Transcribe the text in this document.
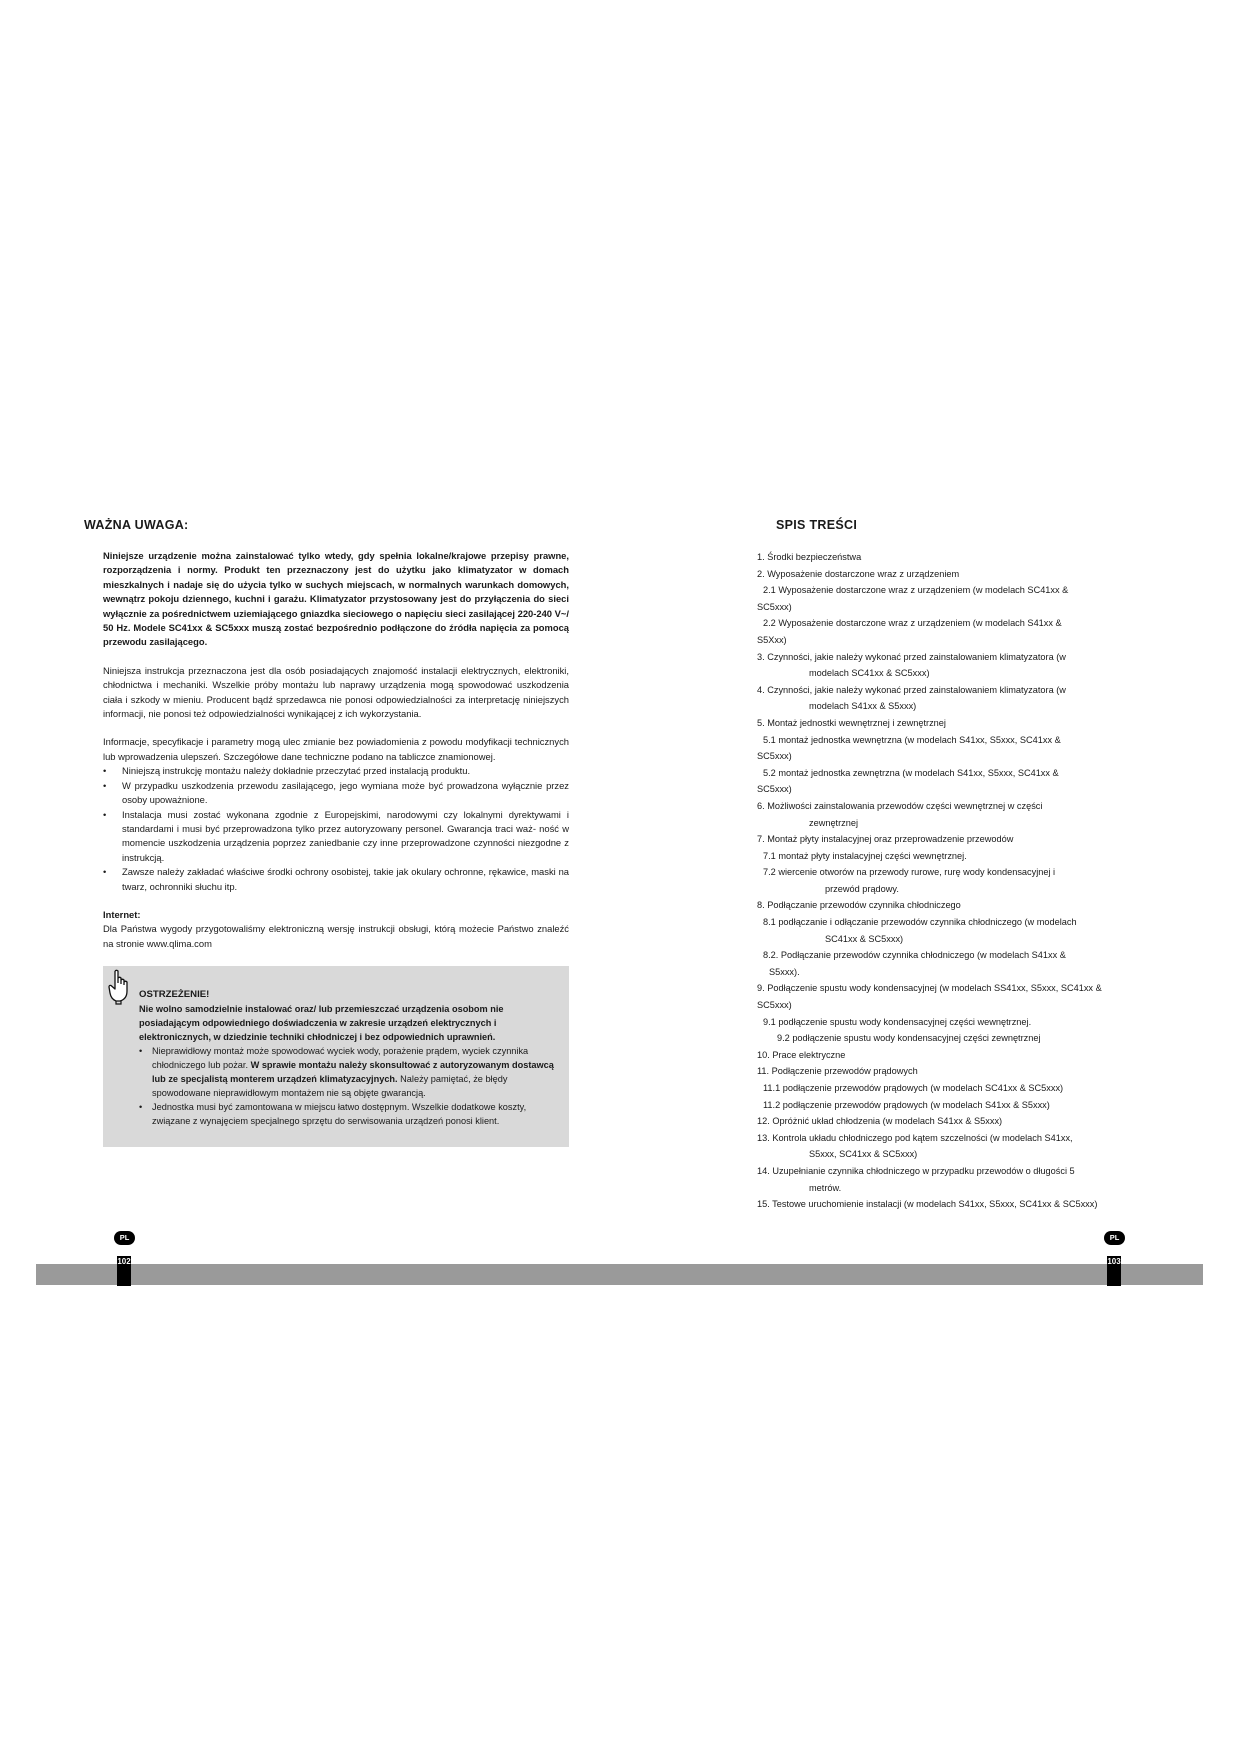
WAŻNA UWAGA:

Niniejsze urządzenie można zainstalować tylko wtedy, gdy spełnia lokalne/krajowe przepisy prawne, rozporządzenia i normy. Produkt ten przeznaczony jest do użytku jako klimatyzator w domach mieszkalnych i nadaje się do użycia tylko w suchych miejscach, w normalnych warunkach domowych, wewnątrz pokoju dziennego, kuchni i garażu. Klimatyzator przystosowany jest do przyłączenia do sieci wyłącznie za pośrednictwem uziemiającego gniazdka sieciowego o napięciu sieci zasilającej 220-240 V~/ 50 Hz. Modele SC41xx & SC5xxx muszą zostać bezpośrednio podłączone do źródła napięcia za pomocą przewodu zasilającego.

Niniejsza instrukcja przeznaczona jest dla osób posiadających znajomość instalacji elektrycznych, elektroniki, chłodnictwa i mechaniki. Wszelkie próby montażu lub naprawy urządzenia mogą spowodować uszkodzenia ciała i szkody w mieniu. Producent bądź sprzedawca nie ponosi odpowiedzialności za interpretację niniejszych informacji, nie ponosi też odpowiedzialności wynikającej z ich wykorzystania.

Informacje, specyfikacje i parametry mogą ulec zmianie bez powiadomienia z powodu modyfikacji technicznych lub wprowadzenia ulepszeń. Szczegółowe dane techniczne podano na tabliczce znamionowej.

• Niniejszą instrukcję montażu należy dokładnie przeczytać przed instalacją produktu.
• W przypadku uszkodzenia przewodu zasilającego, jego wymiana może być prowadzona wyłącznie przez osoby upoważnione.
• Instalacja musi zostać wykonana zgodnie z Europejskimi, narodowymi czy lokalnymi dyrektywami i standardami i musi być przeprowadzona tylko przez autoryzowany personel. Gwarancja traci waż- ność w momencie uszkodzenia urządzenia poprzez zaniedbanie czy inne przeprowadzone czynności niezgodne z instrukcją.
• Zawsze należy zakładać właściwe środki ochrony osobistej, takie jak okulary ochronne, rękawice, maski na twarz, ochronniki słuchu itp.
Internet:

Dla Państwa wygody przygotowaliśmy elektroniczną wersję instrukcji obsługi, którą możecie Państwo znaleźć na stronie www.qlima.com

OSTRZEŻENIE!
Nie wolno samodzielnie instalować oraz/ lub przemieszczać urządzenia osobom nie posiadającym odpowiedniego doświadczenia w zakresie urządzeń elektrycznych i elektronicznych, w dziedzinie techniki chłodniczej i bez odpowiednich uprawnień.
• Nieprawidłowy montaż może spowodować wyciek wody, porażenie prądem, wyciek czynnika chłodniczego lub pożar. W sprawie montażu należy skonsultować z autoryzowanym dostawcą lub ze specjalistą monterem urządzeń klimatyzacyjnych. Należy pamiętać, że błędy spowodowane nieprawidłowym montażem nie są objęte gwarancją.
• Jednostka musi być zamontowana w miejscu łatwo dostępnym. Wszelkie dodatkowe koszty, związane z wynajęciem specjalnego sprzętu do serwisowania urządzeń ponosi klient.
SPIS TREŚCI
1. Środki bezpieczeństwa
2. Wyposażenie dostarczone wraz z urządzeniem
2.1 Wyposażenie dostarczone wraz z urządzeniem (w modelach SC41xx &
SC5xxx)
2.2 Wyposażenie dostarczone wraz z urządzeniem (w modelach S41xx &
S5Xxx)
3. Czynności, jakie należy wykonać przed zainstalowaniem klimatyzatora (w
modelach SC41xx & SC5xxx)
4. Czynności, jakie należy wykonać przed zainstalowaniem klimatyzatora (w
modelach S41xx & S5xxx)
5. Montaż jednostki wewnętrznej i zewnętrznej
5.1 montaż jednostka wewnętrzna (w modelach S41xx, S5xxx, SC41xx &
SC5xxx)
5.2 montaż jednostka zewnętrzna (w modelach S41xx, S5xxx, SC41xx &
SC5xxx)
6. Możliwości zainstalowania przewodów części wewnętrznej w części
zewnętrznej
7. Montaż płyty instalacyjnej oraz przeprowadzenie przewodów
7.1 montaż płyty instalacyjnej części wewnętrznej.
7.2 wiercenie otworów na przewody rurowe, rurę wody kondensacyjnej i
przewód prądowy.
8. Podłączanie przewodów czynnika chłodniczego
8.1 podłączanie i odłączanie przewodów czynnika chłodniczego (w modelach
SC41xx & SC5xxx)
8.2. Podłączanie przewodów czynnika chłodniczego (w modelach S41xx &
S5xxx).
9. Podłączenie spustu wody kondensacyjnej (w modelach SS41xx, S5xxx, SC41xx &
SC5xxx)
9.1 podłączenie spustu wody kondensacyjnej części wewnętrznej.
9.2 podłączenie spustu wody kondensacyjnej części zewnętrznej
10. Prace elektryczne
11. Podłączenie przewodów prądowych
11.1 podłączenie przewodów prądowych (w modelach SC41xx & SC5xxx)
11.2 podłączenie przewodów prądowych (w modelach S41xx & S5xxx)
12. Opróżnić układ chłodzenia (w modelach S41xx & S5xxx)
13. Kontrola układu chłodniczego pod kątem szczelności (w modelach S41xx,
S5xxx, SC41xx & SC5xxx)
14. Uzupełnianie czynnika chłodniczego w przypadku przewodów o długości 5
metrów.
15. Testowe uruchomienie instalacji (w modelach S41xx, S5xxx, SC41xx & SC5xxx)
PL	PL
102	103
